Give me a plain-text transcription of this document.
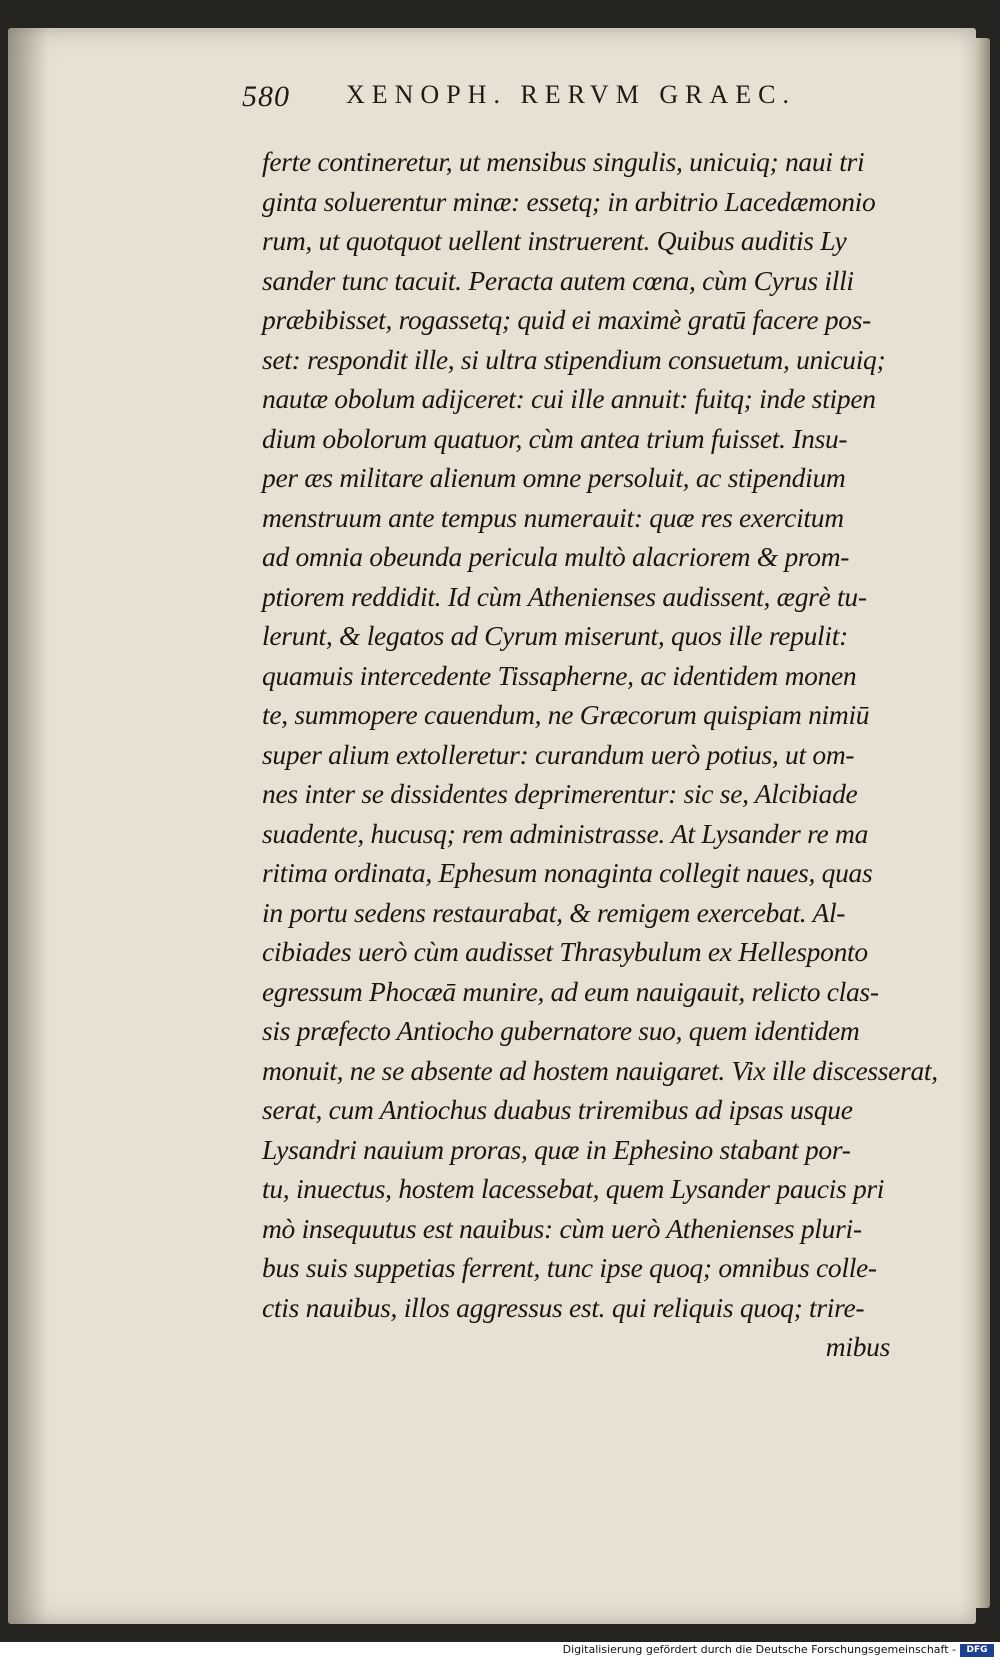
580 XENOPH. RERVM GRAEC.
ferte contineretur, ut mensibus singulis, unicuiq; naui tri
ginta soluerentur minæ: essetq; in arbitrio Lacedæmonio
rum, ut quotquot uellent instruerent. Quibus auditis Ly
sander tunc tacuit. Peracta autem cœna, cùm Cyrus illi
præbibisset, rogassetq; quid ei maximè gratū facere pos-
set: respondit ille, si ultra stipendium consuetum, unicuiq;
nautæ obolum adijceret: cui ille annuit: fuitq; inde stipen
dium obolorum quatuor, cùm antea trium fuisset. Insu-
per æs militare alienum omne persoluit, ac stipendium
menstruum ante tempus numerauit: quæ res exercitum
ad omnia obeunda pericula multò alacriorem & prom-
ptiorem reddidit. Id cùm Athenienses audissent, ægrè tu-
lerunt, & legatos ad Cyrum miserunt, quos ille repulit:
quamuis intercedente Tissapherne, ac identidem monen
te, summopere cauendum, ne Græcorum quispiam nimiū
super alium extolleretur: curandum uerò potius, ut om-
nes inter se dissidentes deprimerentur: sic se, Alcibiade
suadente, hucusq; rem administrasse. At Lysander re ma
ritima ordinata, Ephesum nonaginta collegit naues, quas
in portu sedens restaurabat, & remigem exercebat. Al-
cibiades uerò cùm audisset Thrasybulum ex Hellesponto
egressum Phocæā munire, ad eum nauigauit, relicto clas-
sis præfecto Antiocho gubernatore suo, quem identidem
monuit, ne se absente ad hostem nauigaret. Vix ille discesserat,
serat, cum Antiochus duabus triremibus ad ipsas usque
Lysandri nauium proras, quæ in Ephesino stabant por-
tu, inuectus, hostem lacessebat, quem Lysander paucis pri
mò insequutus est nauibus: cùm uerò Athenienses pluri-
bus suis suppetias ferrent, tunc ipse quoq; omnibus colle-
ctis nauibus, illos aggressus est. qui reliquis quoq; trire-
mibus
Digitalisierung gefördert durch die Deutsche Forschungsgemeinschaft -	DFG
